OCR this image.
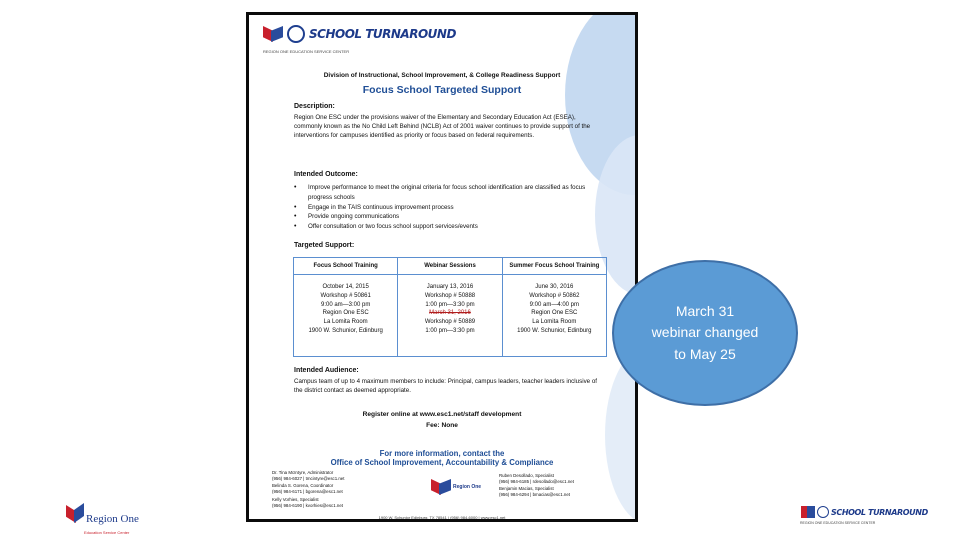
SCHOOL TURNAROUND
REGION ONE EDUCATION SERVICE CENTER
Division of Instructional, School Improvement, & College Readiness Support
Focus School Targeted Support
Description:
Region One ESC under the provisions waiver of the Elementary and Secondary Education Act (ESEA), commonly known as the No Child Left Behind (NCLB) Act of 2001 waiver continues to provide support of the interventions for campuses identified as priority or focus based on federal requirements.
Intended Outcome:
• Improve performance to meet the original criteria for focus school identification are classified as focus progress schools
• Engage in the TAIS continuous improvement process
• Provide ongoing communications
• Offer consultation or two focus school support services/events
Targeted Support:
Focus School Training
October 14, 2015
Workshop # 50861
9:00 am—3:00 pm
Region One ESC
La Lomita Room
1900 W. Schunior, Edinburg
Webinar Sessions
January 13, 2016
Workshop # 50888
1:00 pm—3:30 pm
March 31, 2016
Workshop # 50889
1:00 pm—3:30 pm
Summer Focus School Training
June 30, 2016
Workshop # 50862
9:00 am—4:00 pm
Region One ESC
La Lomita Room
1900 W. Schunior, Edinburg
Intended Audience:
Campus team of up to 4 maximum members to include: Principal, campus leaders, teacher leaders inclusive of the district contact as deemed appropriate.
Register online at www.esc1.net/staff development
Fee: None
For more information, contact the
Office of School Improvement, Accountability & Compliance
Dr. Tina McIntyre, Administrator
(956) 984-6027 | tmcintyre@esc1.net
Belinda S. Gorena, Coordinator
(956) 984-6171 | bgorena@esc1.net
Kelly Vorhies, Specialist
(956) 984-6190 | kvorhies@esc1.net
Region One
Ruben Desollado, Specialist
(956) 984-6185 | rdesollado@esc1.net
Benjamin Macias, Specialist
(956) 984-6294 | bmacias@esc1.net
1900 W. Schunior Edinburg, TX 78541 | (956) 984-6000 | www.esc1.net
March 31 webinar changed to May 25
Region One
Education Service Center
SCHOOL TURNAROUND
REGION ONE EDUCATION SERVICE CENTER
